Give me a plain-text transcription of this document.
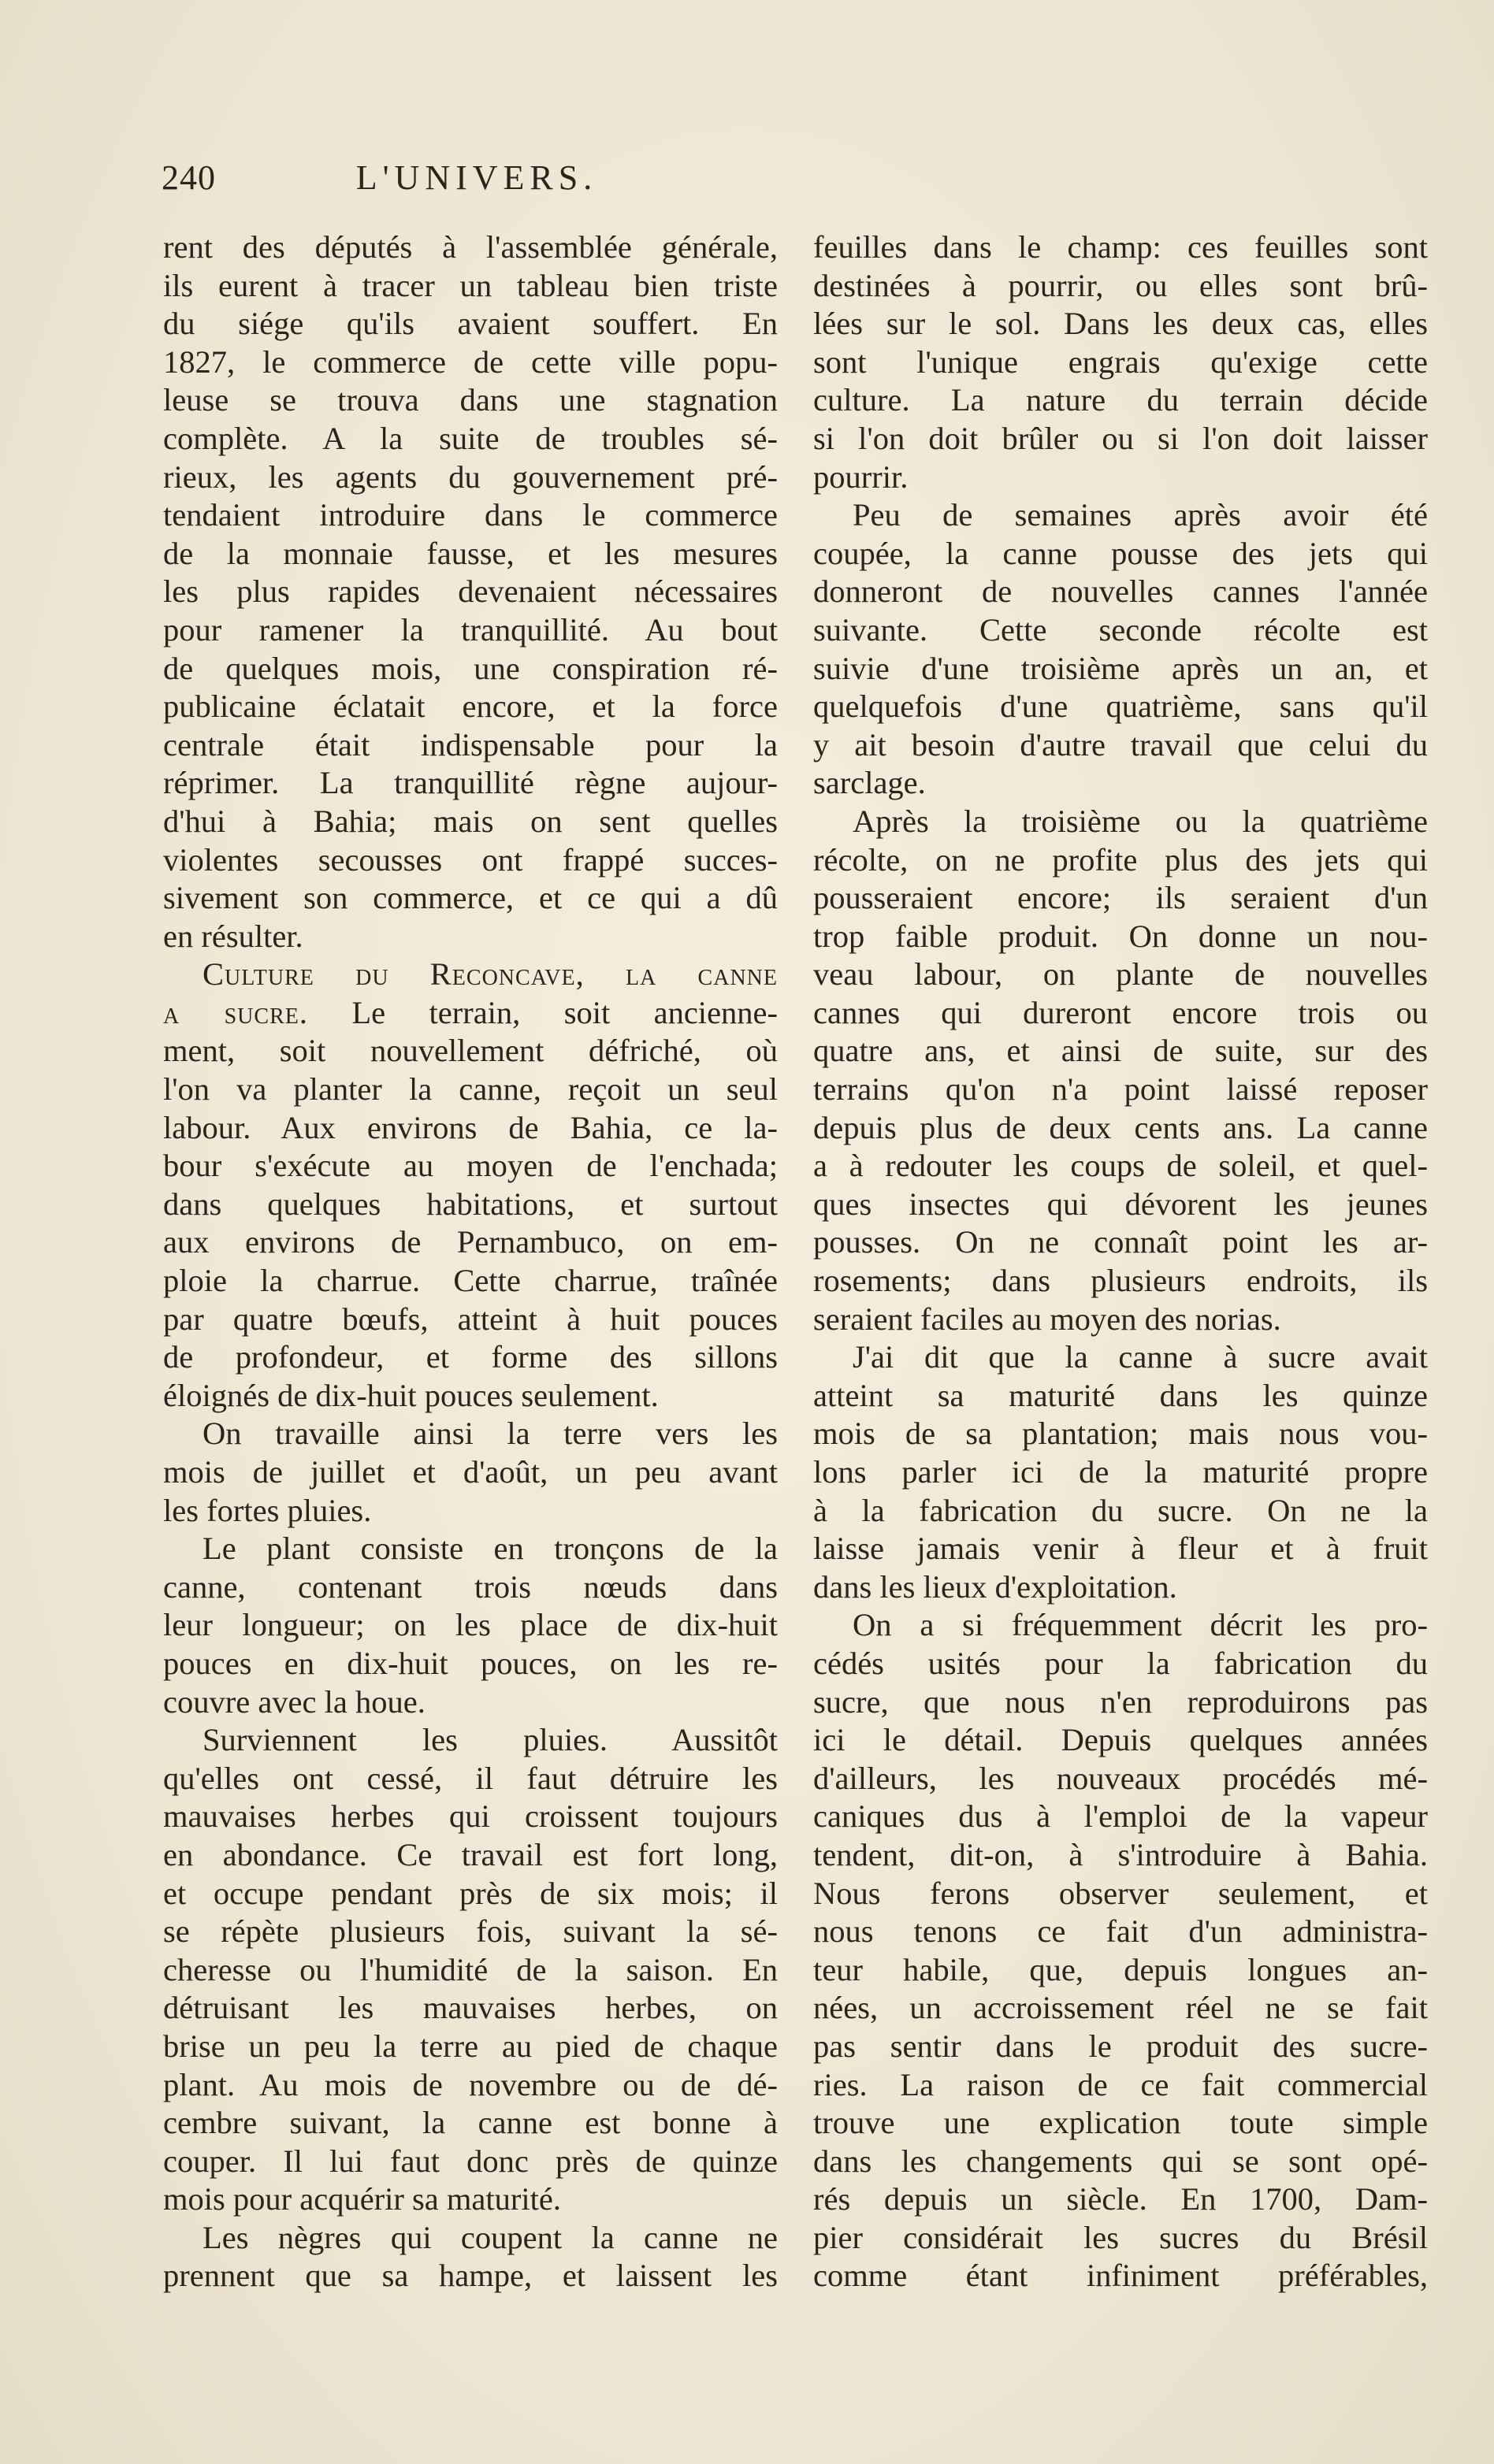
240	L'UNIVERS.
rent des députés à l'assemblée générale,
ils eurent à tracer un tableau bien triste
du siége qu'ils avaient souffert. En
1827, le commerce de cette ville popu-
leuse se trouva dans une stagnation
complète. A la suite de troubles sé-
rieux, les agents du gouvernement pré-
tendaient introduire dans le commerce
de la monnaie fausse, et les mesures
les plus rapides devenaient nécessaires
pour ramener la tranquillité. Au bout
de quelques mois, une conspiration ré-
publicaine éclatait encore, et la force
centrale était indispensable pour la
réprimer. La tranquillité règne aujour-
d'hui à Bahia; mais on sent quelles
violentes secousses ont frappé succes-
sivement son commerce, et ce qui a dû
en résulter.
Culture du Reconcave, la canne
a sucre. Le terrain, soit ancienne-
ment, soit nouvellement défriché, où
l'on va planter la canne, reçoit un seul
labour. Aux environs de Bahia, ce la-
bour s'exécute au moyen de l'enchada;
dans quelques habitations, et surtout
aux environs de Pernambuco, on em-
ploie la charrue. Cette charrue, traînée
par quatre bœufs, atteint à huit pouces
de profondeur, et forme des sillons
éloignés de dix-huit pouces seulement.
On travaille ainsi la terre vers les
mois de juillet et d'août, un peu avant
les fortes pluies.
Le plant consiste en tronçons de la
canne, contenant trois nœuds dans
leur longueur; on les place de dix-huit
pouces en dix-huit pouces, on les re-
couvre avec la houe.
Surviennent les pluies. Aussitôt
qu'elles ont cessé, il faut détruire les
mauvaises herbes qui croissent toujours
en abondance. Ce travail est fort long,
et occupe pendant près de six mois; il
se répète plusieurs fois, suivant la sé-
cheresse ou l'humidité de la saison. En
détruisant les mauvaises herbes, on
brise un peu la terre au pied de chaque
plant. Au mois de novembre ou de dé-
cembre suivant, la canne est bonne à
couper. Il lui faut donc près de quinze
mois pour acquérir sa maturité.
Les nègres qui coupent la canne ne
prennent que sa hampe, et laissent les
feuilles dans le champ: ces feuilles sont
destinées à pourrir, ou elles sont brû-
lées sur le sol. Dans les deux cas, elles
sont l'unique engrais qu'exige cette
culture. La nature du terrain décide
si l'on doit brûler ou si l'on doit laisser
pourrir.
Peu de semaines après avoir été
coupée, la canne pousse des jets qui
donneront de nouvelles cannes l'année
suivante. Cette seconde récolte est
suivie d'une troisième après un an, et
quelquefois d'une quatrième, sans qu'il
y ait besoin d'autre travail que celui du
sarclage.
Après la troisième ou la quatrième
récolte, on ne profite plus des jets qui
pousseraient encore; ils seraient d'un
trop faible produit. On donne un nou-
veau labour, on plante de nouvelles
cannes qui dureront encore trois ou
quatre ans, et ainsi de suite, sur des
terrains qu'on n'a point laissé reposer
depuis plus de deux cents ans. La canne
a à redouter les coups de soleil, et quel-
ques insectes qui dévorent les jeunes
pousses. On ne connaît point les ar-
rosements; dans plusieurs endroits, ils
seraient faciles au moyen des norias.
J'ai dit que la canne à sucre avait
atteint sa maturité dans les quinze
mois de sa plantation; mais nous vou-
lons parler ici de la maturité propre
à la fabrication du sucre. On ne la
laisse jamais venir à fleur et à fruit
dans les lieux d'exploitation.
On a si fréquemment décrit les pro-
cédés usités pour la fabrication du
sucre, que nous n'en reproduirons pas
ici le détail. Depuis quelques années
d'ailleurs, les nouveaux procédés mé-
caniques dus à l'emploi de la vapeur
tendent, dit-on, à s'introduire à Bahia.
Nous ferons observer seulement, et
nous tenons ce fait d'un administra-
teur habile, que, depuis longues an-
nées, un accroissement réel ne se fait
pas sentir dans le produit des sucre-
ries. La raison de ce fait commercial
trouve une explication toute simple
dans les changements qui se sont opé-
rés depuis un siècle. En 1700, Dam-
pier considérait les sucres du Brésil
comme étant infiniment préférables,
